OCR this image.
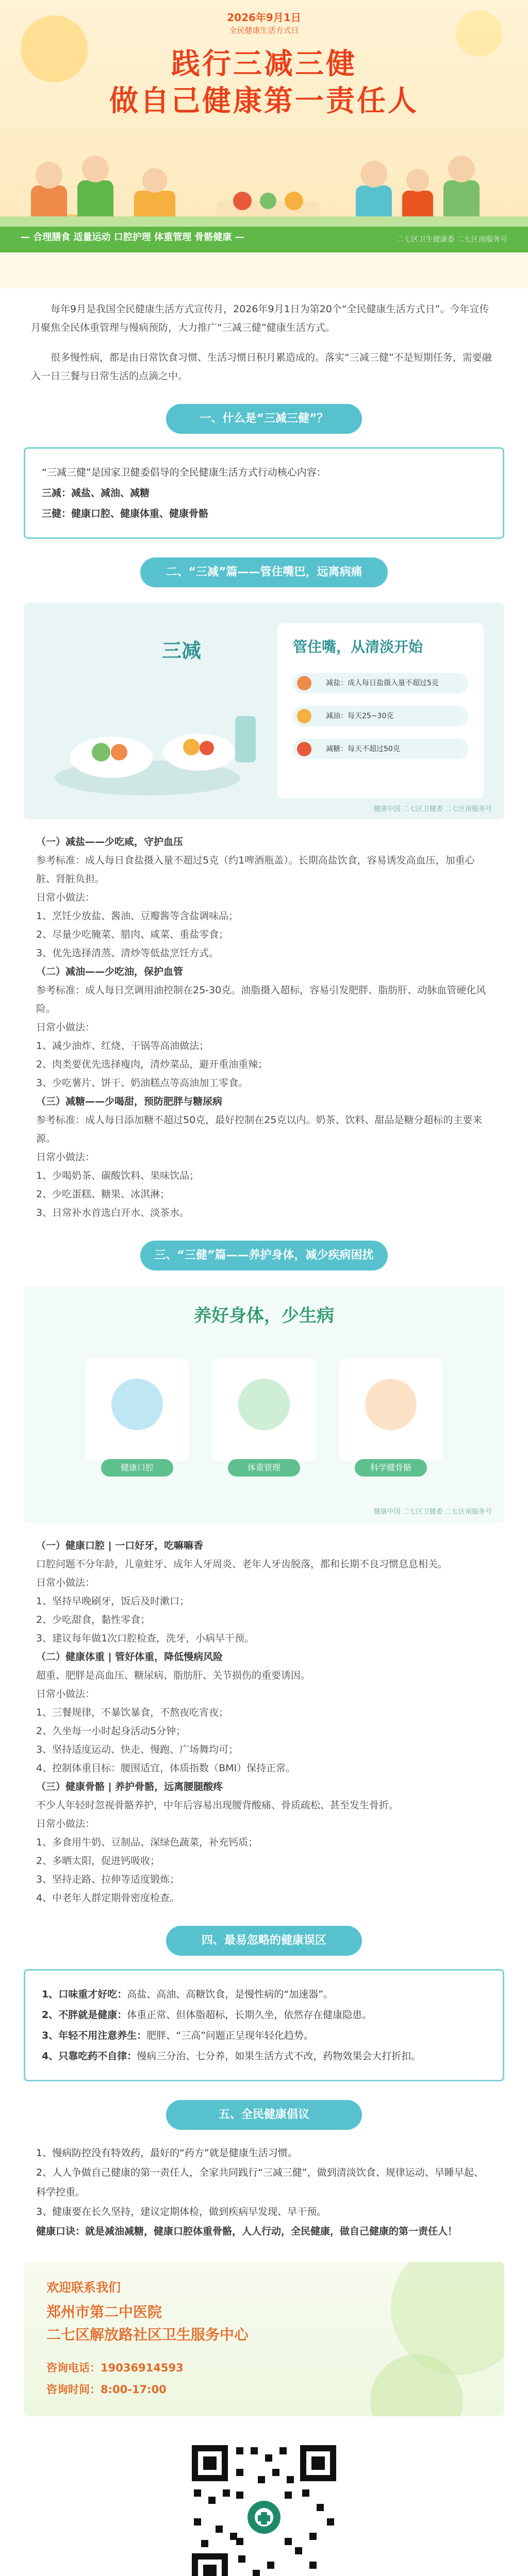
2026年9月1日
全民健康生活方式日
践行三减三健
做自己健康第一责任人
— 合理膳食 适量运动 口腔护理 体重管理 骨骼健康 —	二七区卫生健康委 二七区南服务号

每年9月是我国全民健康生活方式宣传月，2026年9月1日为第20个“全民健康生活方式日”。今年宣传月聚焦全民体重管理与慢病预防，大力推广“三减三健”健康生活方式。

很多慢性病，都是由日常饮食习惯、生活习惯日积月累造成的。落实“三减三健”不是短期任务，需要融入一日三餐与日常生活的点滴之中。

一、什么是“三减三健”？

“三减三健”是国家卫健委倡导的全民健康生活方式行动核心内容：

三减：减盐、减油、减糖

三健：健康口腔、健康体重、健康骨骼

二、“三减”篇——管住嘴巴，远离病痛
三减	管住嘴，从清淡开始
减盐：成人每日盐摄入量不超过5克
减油：每天25~30克
减糖：每天不超过50克
健康中国 二七区卫健委 二七区南服务号

（一）减盐——少吃咸，守护血压

参考标准：成人每日食盐摄入量不超过5克（约1啤酒瓶盖）。长期高盐饮食，容易诱发高血压，加重心脏、肾脏负担。

日常小做法：

1、烹饪少放盐、酱油、豆瓣酱等含盐调味品；

2、尽量少吃腌菜、腊肉、咸菜、重盐零食；

3、优先选择清蒸、清炒等低盐烹饪方式。

（二）减油——少吃油，保护血管

参考标准：成人每日烹调用油控制在25-30克。油脂摄入超标，容易引发肥胖、脂肪肝、动脉血管硬化风险。

日常小做法：

1、减少油炸、红烧、干锅等高油做法；

2、肉类要优先选择瘦肉，清炒菜品，避开重油重辣；

3、少吃薯片、饼干、奶油糕点等高油加工零食。

（三）减糖——少喝甜，预防肥胖与糖尿病

参考标准：成人每日添加糖不超过50克，最好控制在25克以内。奶茶、饮料、甜品是糖分超标的主要来源。

日常小做法：

1、少喝奶茶、碳酸饮料、果味饮品；

2、少吃蛋糕、糖果、冰淇淋；

3、日常补水首选白开水、淡茶水。

三、“三健”篇——养护身体，减少疾病困扰
养好身体，少生病
健康口腔	体重管理	科学健骨骼
健康中国 二七区卫健委 二七区南服务号

（一）健康口腔 | 一口好牙，吃嘛嘛香

口腔问题不分年龄，儿童蛀牙、成年人牙周炎、老年人牙齿脱落，都和长期不良习惯息息相关。

日常小做法：

1、坚持早晚刷牙，饭后及时漱口；

2、少吃甜食，黏性零食；

3、建议每年做1次口腔检查，洗牙，小病早干预。

（二）健康体重 | 管好体重，降低慢病风险

超重、肥胖是高血压、糖尿病、脂肪肝、关节损伤的重要诱因。

日常小做法：

1、三餐规律，不暴饮暴食，不熬夜吃宵夜；

2、久坐每一小时起身活动5分钟；

3、坚持适度运动、快走、慢跑、广场舞均可；

4、控制体重目标：腰围适宜，体质指数（BMI）保持正常。

（三）健康骨骼 | 养护骨骼，远离腰腿酸疼

不少人年轻时忽视骨骼养护，中年后容易出现腰背酸痛、骨质疏松、甚至发生骨折。

日常小做法：

1、多食用牛奶、豆制品、深绿色蔬菜，补充钙质；

2、多晒太阳，促进钙吸收；

3、坚持走路、拉伸等适度锻炼；

4、中老年人群定期骨密度检查。

四、最易忽略的健康误区

1、口味重才好吃：高盐、高油、高糖饮食，是慢性病的“加速器”。

2、不胖就是健康：体重正常、但体脂超标，长期久坐，依然存在健康隐患。

3、年轻不用注意养生：肥胖、“三高”问题正呈现年轻化趋势。

4、只靠吃药不自律：慢病三分治、七分养，如果生活方式不改，药物效果会大打折扣。

五、全民健康倡议

1、慢病防控没有特效药，最好的“药方”就是健康生活习惯。

2、人人争做自己健康的第一责任人，全家共同践行“三减三健”，做到清淡饮食、规律运动、早睡早起、科学控重。

3、健康要在长久坚持，建议定期体检，做到疾病早发现、早干预。

健康口诀：就是减油减糖，健康口腔体重骨骼，人人行动，全民健康，做自己健康的第一责任人！

欢迎联系我们
郑州市第二中医院
二七区解放路社区卫生服务中心
咨询电话：19036914593
咨询时间：8:00-17:00
